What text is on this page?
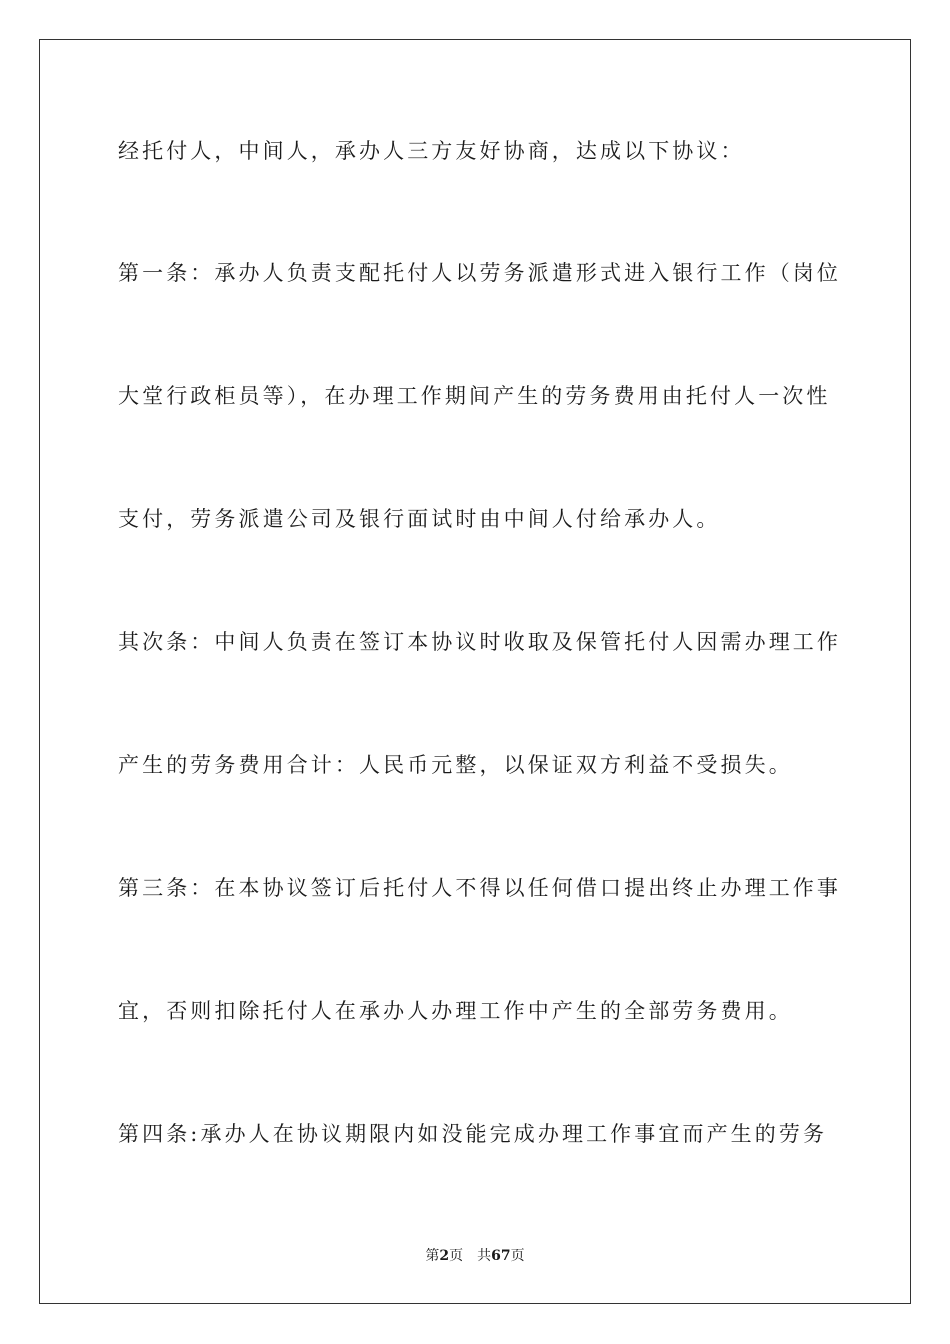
经托付人，中间人，承办人三方友好协商，达成以下协议：
第一条：承办人负责支配托付人以劳务派遣形式进入银行工作（岗位
大堂行政柜员等），在办理工作期间产生的劳务费用由托付人一次性
支付，劳务派遣公司及银行面试时由中间人付给承办人。
其次条：中间人负责在签订本协议时收取及保管托付人因需办理工作
产生的劳务费用合计：人民币元整，以保证双方利益不受损失。
第三条：在本协议签订后托付人不得以任何借口提出终止办理工作事
宜，否则扣除托付人在承办人办理工作中产生的全部劳务费用。
第四条:承办人在协议期限内如没能完成办理工作事宜而产生的劳务
第2页 共67页
